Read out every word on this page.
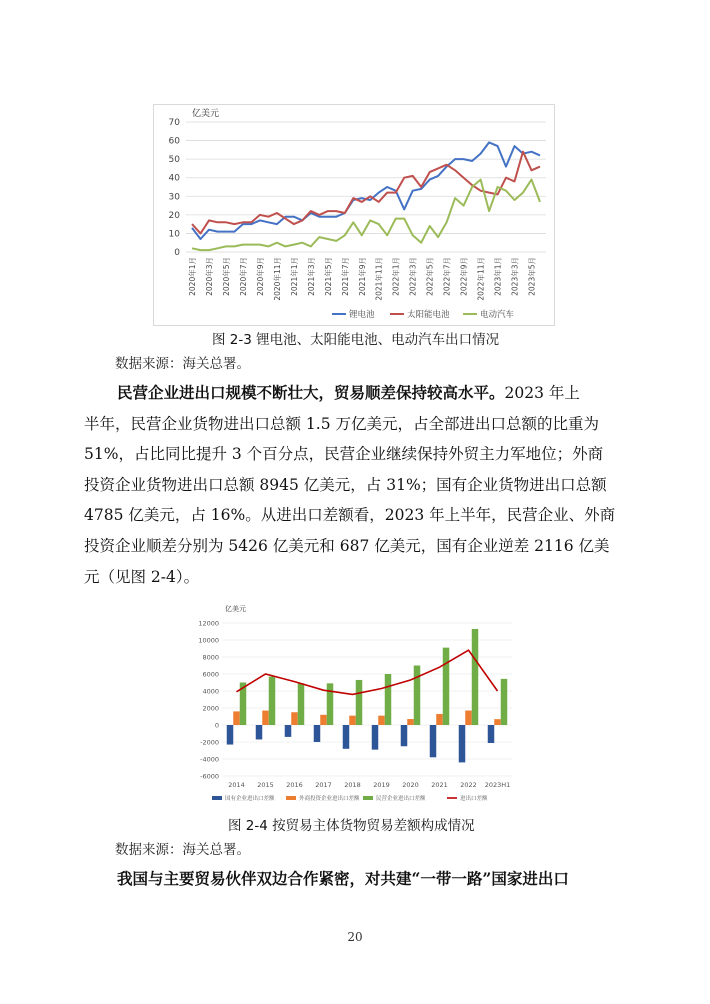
亿美元
0
10
20
30
40
50
60
70
2020年1月 2020年3月 2020年5月 2020年7月 2020年9月 2020年11月 2021年1月 2021年3月 2021年5月 2021年7月 2021年9月 2021年11月 2022年1月 2022年3月 2022年5月 2022年7月 2022年9月 2022年11月 2023年1月 2023年3月 2023年5月
锂电池	太阳能电池	电动汽车
图 2-3 锂电池、太阳能电池、电动汽车出口情况
数据来源：海关总署。
民营企业进出口规模不断壮大，贸易顺差保持较高水平。2023 年上
半年，民营企业货物进出口总额 1.5 万亿美元，占全部进出口总额的比重为
51%，占比同比提升 3 个百分点，民营企业继续保持外贸主力军地位；外商
投资企业货物进出口总额 8945 亿美元，占 31%；国有企业货物进出口总额
4785 亿美元，占 16%。从进出口差额看，2023 年上半年，民营企业、外商
投资企业顺差分别为 5426 亿美元和 687 亿美元，国有企业逆差 2116 亿美
元（见图 2-4）。
亿美元
-6000
-4000
-2000
0
2000
4000
6000
8000
10000
12000
2014 2015 2016 2017 2018 2019 2020 2021 2022 2023H1
国有企业进出口差额	外商投资企业进出口差额	民营企业进出口差额	进出口差额
图 2-4 按贸易主体货物贸易差额构成情况
数据来源：海关总署。
我国与主要贸易伙伴双边合作紧密，对共建“一带一路”国家进出口
20
